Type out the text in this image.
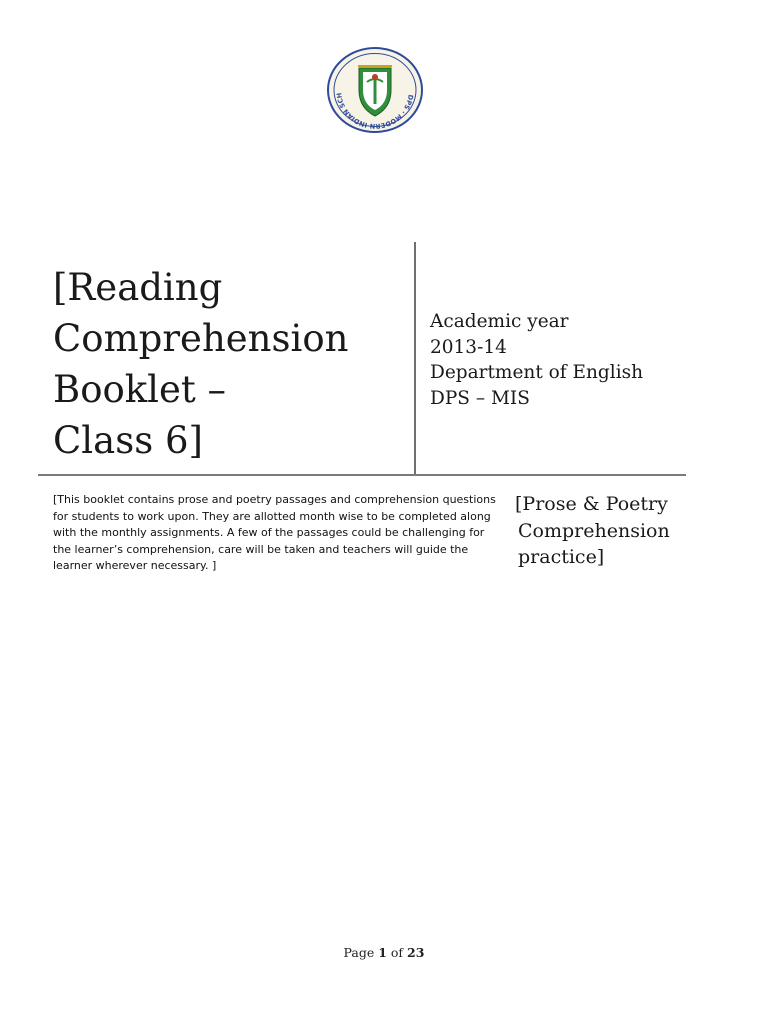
DPS · MODERN INDIAN SCH
[Reading
Comprehension
Booklet –
Class 6]
Academic year
2013-14
Department of English
DPS – MIS
[This booklet contains prose and poetry passages and comprehension questions for students to work upon. They are allotted month wise to be completed along with the monthly assignments. A few of the passages could be challenging for the learner’s comprehension, care will be taken and teachers will guide the learner wherever necessary. ]
[Prose & Poetry
Comprehension
practice]
Page 1 of 23
